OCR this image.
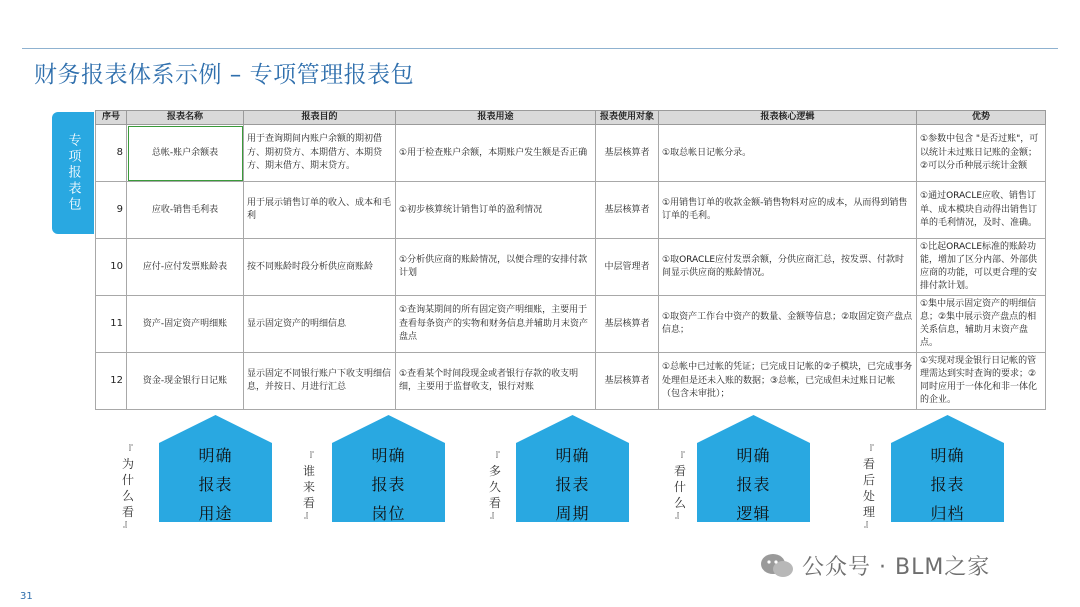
财务报表体系示例 – 专项管理报表包
专项报表包
序号	报表名称	报表目的	报表用途	报表使用对象	报表核心逻辑	优势
8	总帐-账户余额表	用于查询期间内账户余额的期初借方、期初贷方、本期借方、本期贷方、期末借方、期末贷方。	①用于检查账户余额，本期账户发生额是否正确	基层核算者	①取总帐日记帐分录。	①参数中包含 "是否过账"，可以统计未过账日记账的金额；②可以分币种展示统计金额
9	应收-销售毛利表	用于展示销售订单的收入、成本和毛利	①初步核算统计销售订单的盈利情况	基层核算者	①用销售订单的收款金额-销售物料对应的成本，从而得到销售订单的毛利。	①通过ORACLE应收、销售订单、成本模块自动得出销售订单的毛利情况，及时、准确。
10	应付-应付发票账龄表	按不同账龄时段分析供应商账龄	①分析供应商的账龄情况，以便合理的安排付款计划	中层管理者	①取ORACLE应付发票余额，分供应商汇总，按发票、付款时间显示供应商的账龄情况。	①比起ORACLE标准的账龄功能，增加了区分内部、外部供应商的功能，可以更合理的安排付款计划。
11	资产-固定资产明细账	显示固定资产的明细信息	①查询某期间的所有固定资产明细账，主要用于查看每条资产的实物和财务信息并辅助月末资产盘点	基层核算者	①取资产工作台中资产的数量、金额等信息；②取固定资产盘点信息；	①集中展示固定资产的明细信息；②集中展示资产盘点的相关系信息，辅助月末资产盘点。
12	资金-现金银行日记账	显示固定不同银行账户下收支明细信息，并按日、月进行汇总	①查看某个时间段现金或者银行存款的收支明细，主要用于监督收支，银行对账	基层核算者	①总帐中已过帐的凭证；已完成日记帐的②子模块，已完成事务处理但是还未入账的数据；③总帐，已完成但未过账日记帐（包含未审批）；	①实现对现金银行日记帐的管理需达到实时查询的要求；②同时应用于一体化和非一体化的企业。
『
为什么看
』
明确
报表
用途
『
谁来看
』
明确
报表
岗位
『
多久看
』
明确
报表
周期
『
看什么
』
明确
报表
逻辑
『
看后处理
』
明确
报表
归档
公众号 · BLM之家
31
